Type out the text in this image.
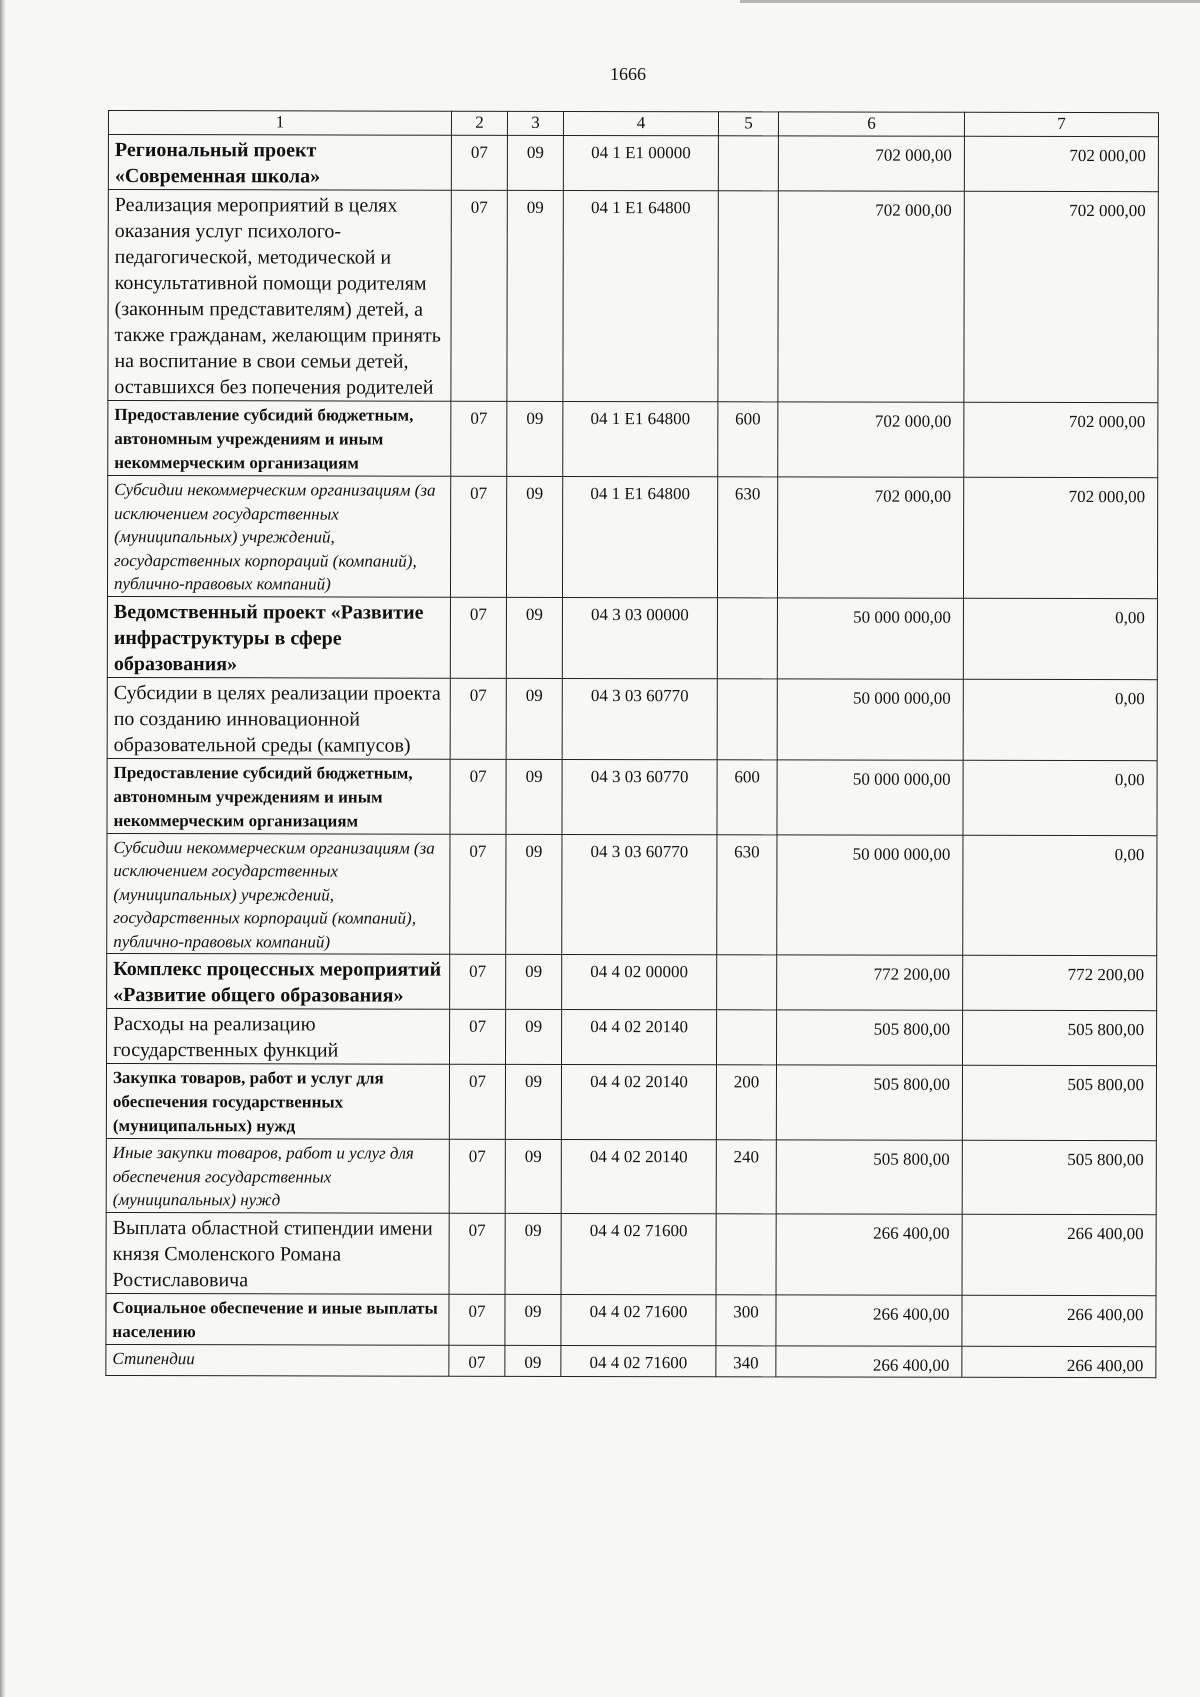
1666
1	2	3	4	5	6	7
Региональный проект «Современная школа»	07	09	04 1 Е1 00000		702 000,00	702 000,00
Реализация мероприятий в целях оказания услуг психолого-педагогической, методической и консультативной помощи родителям (законным представителям) детей, а также гражданам, желающим принять на воспитание в свои семьи детей, оставшихся без попечения родителей	07	09	04 1 Е1 64800		702 000,00	702 000,00
Предоставление субсидий бюджетным, автономным учреждениям и иным некоммерческим организациям	07	09	04 1 Е1 64800	600	702 000,00	702 000,00
Субсидии некоммерческим организациям (за исключением государственных (муниципальных) учреждений, государственных корпораций (компаний), публично-правовых компаний)	07	09	04 1 Е1 64800	630	702 000,00	702 000,00
Ведомственный проект «Развитие инфраструктуры в сфере образования»	07	09	04 3 03 00000		50 000 000,00	0,00
Субсидии в целях реализации проекта по созданию инновационной образовательной среды (кампусов)	07	09	04 3 03 60770		50 000 000,00	0,00
Предоставление субсидий бюджетным, автономным учреждениям и иным некоммерческим организациям	07	09	04 3 03 60770	600	50 000 000,00	0,00
Субсидии некоммерческим организациям (за исключением государственных (муниципальных) учреждений, государственных корпораций (компаний), публично-правовых компаний)	07	09	04 3 03 60770	630	50 000 000,00	0,00
Комплекс процессных мероприятий «Развитие общего образования»	07	09	04 4 02 00000		772 200,00	772 200,00
Расходы на реализацию государственных функций	07	09	04 4 02 20140		505 800,00	505 800,00
Закупка товаров, работ и услуг для обеспечения государственных (муниципальных) нужд	07	09	04 4 02 20140	200	505 800,00	505 800,00
Иные закупки товаров, работ и услуг для обеспечения государственных (муниципальных) нужд	07	09	04 4 02 20140	240	505 800,00	505 800,00
Выплата областной стипендии имени князя Смоленского Романа Ростиславовича	07	09	04 4 02 71600		266 400,00	266 400,00
Социальное обеспечение и иные выплаты населению	07	09	04 4 02 71600	300	266 400,00	266 400,00
Стипендии	07	09	04 4 02 71600	340	266 400,00	266 400,00
